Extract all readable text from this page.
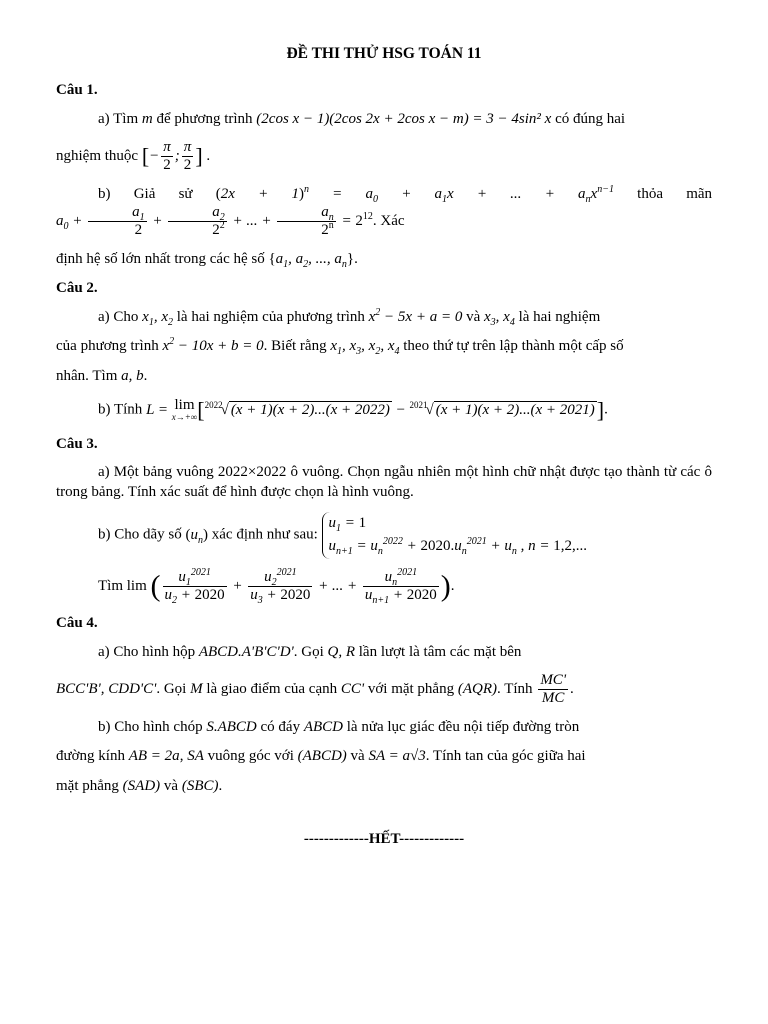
ĐỀ THI THỬ HSG TOÁN 11
Câu 1.
a) Tìm m để phương trình (2cos x − 1)(2cos 2x + 2cos x − m) = 3 − 4sin² x có đúng hai
nghiệm thuộc [− $\frac{\pi}{2}$ ; $\frac{\pi}{2}$ ] .
b) Giả sử $(2x + 1)^n = a_0 + a_1x$ + ... + $a_nx^{n-1}$ thỏa mãn $a_0 + \frac{a_1}{2} + \frac{a_2}{2^2}$ + ... + $\frac{a_n}{2^n} = 2^{12}$. Xác
định hệ số lớn nhất trong các hệ số {$a_1$, $a_2$, ..., $a_n$}.
Câu 2.
a) Cho $x_1$, $x_2$ là hai nghiệm của phương trình $x^2 - 5x + a = 0$ và $x_3$, $x_4$ là hai nghiệm
của phương trình $x^2 - 10x + b = 0$. Biết rằng $x_1$, $x_3$, $x_2$, $x_4$ theo thứ tự trên lập thành một cấp số
nhân. Tìm a, b.
b) Tính L = lim
x→+∞ [$^{2022}$√ (x + 1)(x + 2)...(x + 2022) − $^{2021}$√ (x + 1)(x + 2)...(x + 2021)].
Câu 3.
a) Một bảng vuông 2022×2022 ô vuông. Chọn ngẫu nhiên một hình chữ nhật được tạo thành từ các ô trong bảng. Tính xác suất để hình được chọn là hình vuông.
b) Cho dãy số $(u_n)$ xác định như sau:
$u_1 = 1$
$u_{n+1} = u_n^{2022} + 2020.u_n^{2021} + u_n$ , n = 1,2,...
Tìm lim ( $\frac{u_1^{2021}}{u_2 + 2020} + \frac{u_2^{2021}}{u_3 + 2020}$ + ... + $\frac{u_n^{2021}}{u_{n+1} + 2020}$ ).
Câu 4.
a) Cho hình hộp ABCD.A'B'C'D'. Gọi Q, R lần lượt là tâm các mặt bên
BCC'B', CDD'C'. Gọi M là giao điểm của cạnh CC' với mặt phẳng (AQR). Tính $\frac{MC'}{MC}$ .
b) Cho hình chóp S.ABCD có đáy ABCD là nửa lục giác đều nội tiếp đường tròn
đường kính AB = 2a, SA vuông góc với (ABCD) và SA = a√3. Tính tan của góc giữa hai
mặt phẳng (SAD) và (SBC).
-------------HẾT-------------
